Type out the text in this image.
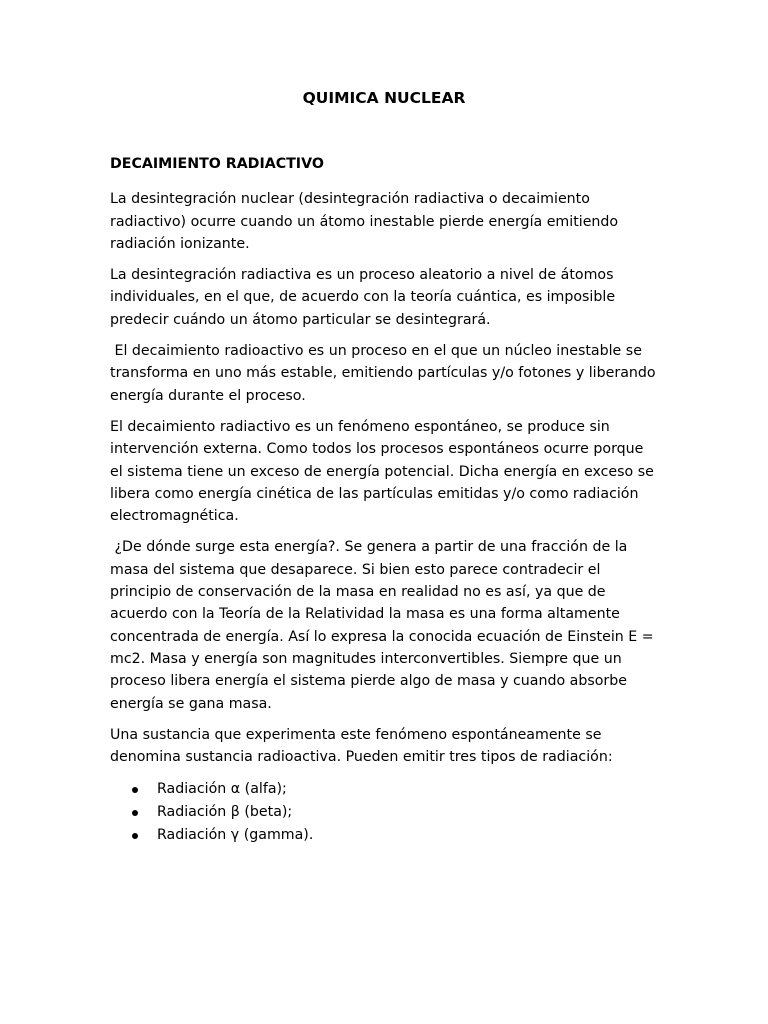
QUIMICA NUCLEAR
DECAIMIENTO RADIACTIVO

La desintegración nuclear (desintegración radiactiva o decaimiento radiactivo) ocurre cuando un átomo inestable pierde energía emitiendo radiación ionizante.

La desintegración radiactiva es un proceso aleatorio a nivel de átomos individuales, en el que, de acuerdo con la teoría cuántica, es imposible predecir cuándo un átomo particular se desintegrará.

El decaimiento radioactivo es un proceso en el que un núcleo inestable se transforma en uno más estable, emitiendo partículas y/o fotones y liberando energía durante el proceso.

El decaimiento radiactivo es un fenómeno espontáneo, se produce sin intervención externa. Como todos los procesos espontáneos ocurre porque el sistema tiene un exceso de energía potencial. Dicha energía en exceso se libera como energía cinética de las partículas emitidas y/o como radiación electromagnética.

¿De dónde surge esta energía?. Se genera a partir de una fracción de la masa del sistema que desaparece. Si bien esto parece contradecir el principio de conservación de la masa en realidad no es así, ya que de acuerdo con la Teoría de la Relatividad la masa es una forma altamente concentrada de energía. Así lo expresa la conocida ecuación de Einstein E = mc2. Masa y energía son magnitudes interconvertibles. Siempre que un proceso libera energía el sistema pierde algo de masa y cuando absorbe energía se gana masa.

Una sustancia que experimenta este fenómeno espontáneamente se denomina sustancia radioactiva. Pueden emitir tres tipos de radiación:

Radiación α (alfa);
Radiación β (beta);
Radiación γ (gamma).
